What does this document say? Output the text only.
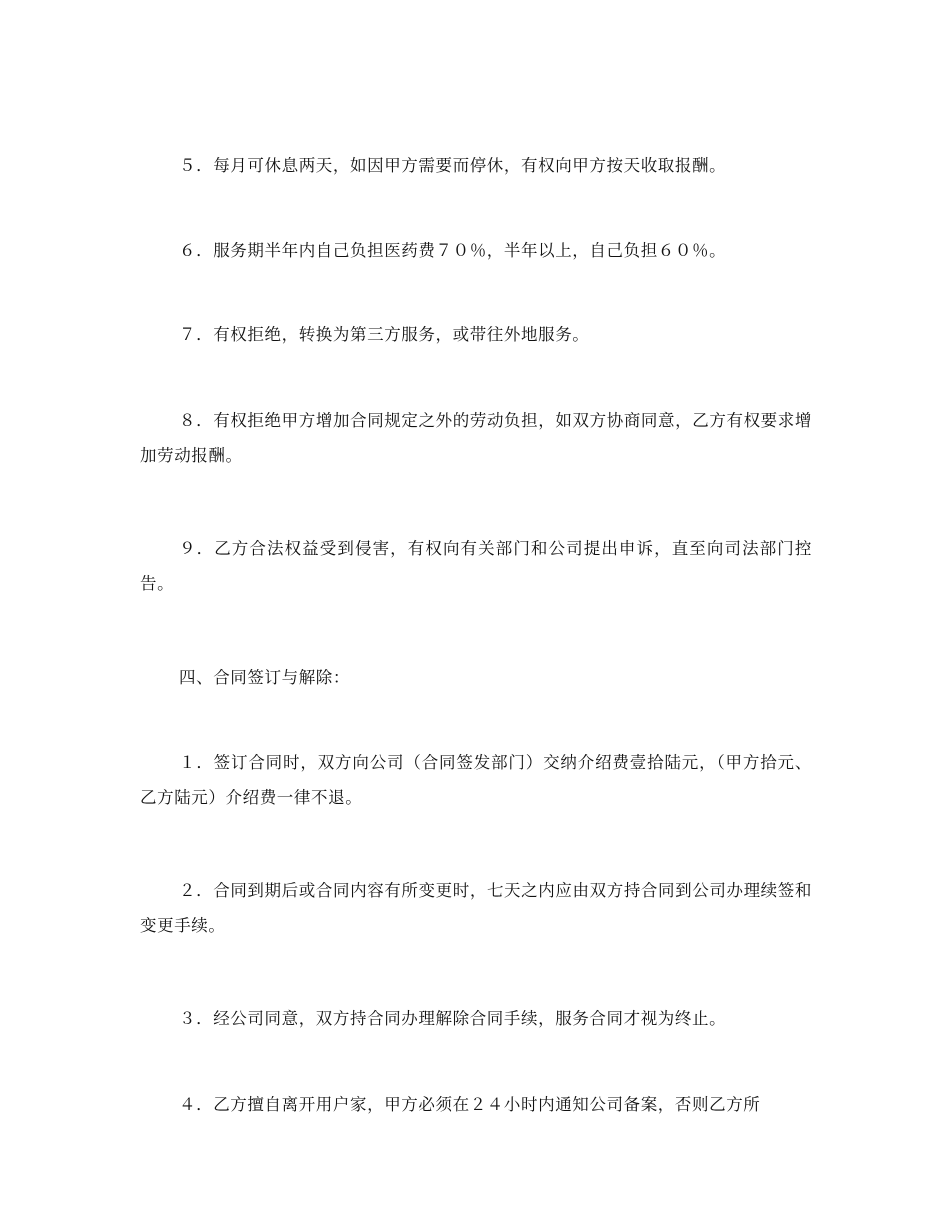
５．每月可休息两天，如因甲方需要而停休，有权向甲方按天收取报酬。

６．服务期半年内自己负担医药费７０％，半年以上，自己负担６０％。

７．有权拒绝，转换为第三方服务，或带往外地服务。

８．有权拒绝甲方增加合同规定之外的劳动负担，如双方协商同意，乙方有权要求增加劳动报酬。

９．乙方合法权益受到侵害，有权向有关部门和公司提出申诉，直至向司法部门控告。

四、合同签订与解除：

１．签订合同时，双方向公司（合同签发部门）交纳介绍费壹拾陆元，（甲方拾元、乙方陆元）介绍费一律不退。

２．合同到期后或合同内容有所变更时，七天之内应由双方持合同到公司办理续签和变更手续。

３．经公司同意，双方持合同办理解除合同手续，服务合同才视为终止。

４．乙方擅自离开用户家，甲方必须在２４小时内通知公司备案，否则乙方所
